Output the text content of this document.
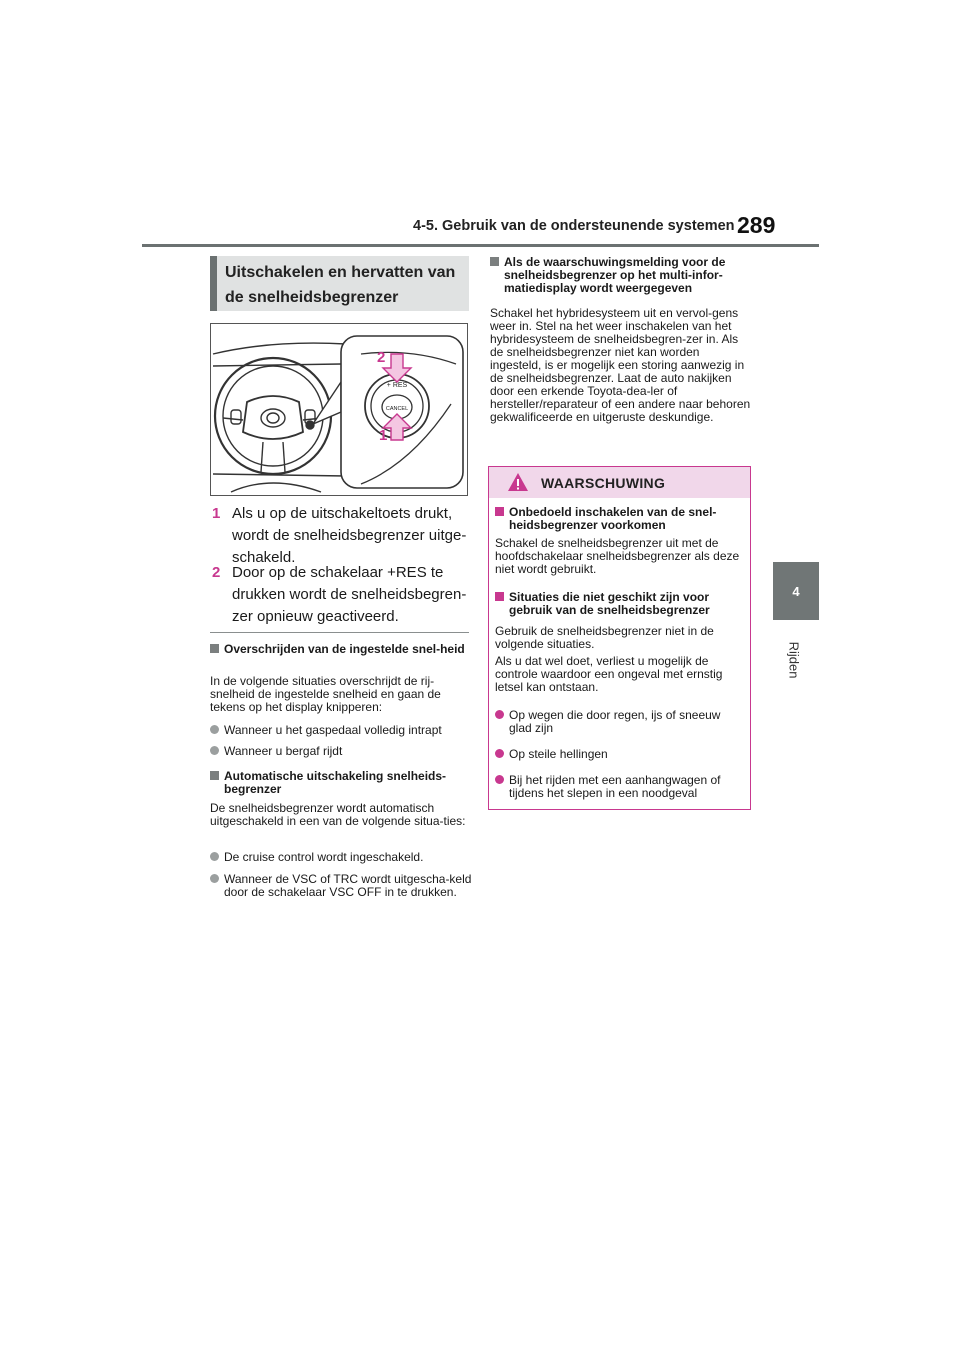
4-5. Gebruik van de ondersteunende systemen 289
4
Rijden
Uitschakelen en hervatten van
de snelheidsbegrenzer
+ RES
CANCEL
2
1
1 Als u op de uitschakeltoets drukt, wordt de snelheidsbegrenzer uitge-schakeld.
2 Door op de schakelaar +RES te drukken wordt de snelheidsbegren-zer opnieuw geactiveerd.
Overschrijden van de ingestelde snel-heid
In de volgende situaties overschrijdt de rij-snelheid de ingestelde snelheid en gaan de tekens op het display knipperen:
Wanneer u het gaspedaal volledig intrapt
Wanneer u bergaf rijdt
Automatische uitschakeling snelheids-begrenzer
De snelheidsbegrenzer wordt automatisch uitgeschakeld in een van de volgende situa-ties:
De cruise control wordt ingeschakeld.
Wanneer de VSC of TRC wordt uitgescha-keld door de schakelaar VSC OFF in te drukken.
Als de waarschuwingsmelding voor de snelheidsbegrenzer op het multi-infor-matiedisplay wordt weergegeven
Schakel het hybridesysteem uit en vervol-gens weer in. Stel na het weer inschakelen van het hybridesysteem de snelheidsbegren-zer in. Als de snelheidsbegrenzer niet kan worden ingesteld, is er mogelijk een storing aanwezig in de snelheidsbegrenzer. Laat de auto nakijken door een erkende Toyota-dea-ler of hersteller/reparateur of een andere naar behoren gekwalificeerde en uitgeruste deskundige.
WAARSCHUWING
Onbedoeld inschakelen van de snel-heidsbegrenzer voorkomen
Schakel de snelheidsbegrenzer uit met de hoofdschakelaar snelheidsbegrenzer als deze niet wordt gebruikt.
Situaties die niet geschikt zijn voor gebruik van de snelheidsbegrenzer
Gebruik de snelheidsbegrenzer niet in de volgende situaties.
Als u dat wel doet, verliest u mogelijk de controle waardoor een ongeval met ernstig letsel kan ontstaan.
Op wegen die door regen, ijs of sneeuw glad zijn
Op steile hellingen
Bij het rijden met een aanhangwagen of tijdens het slepen in een noodgeval
